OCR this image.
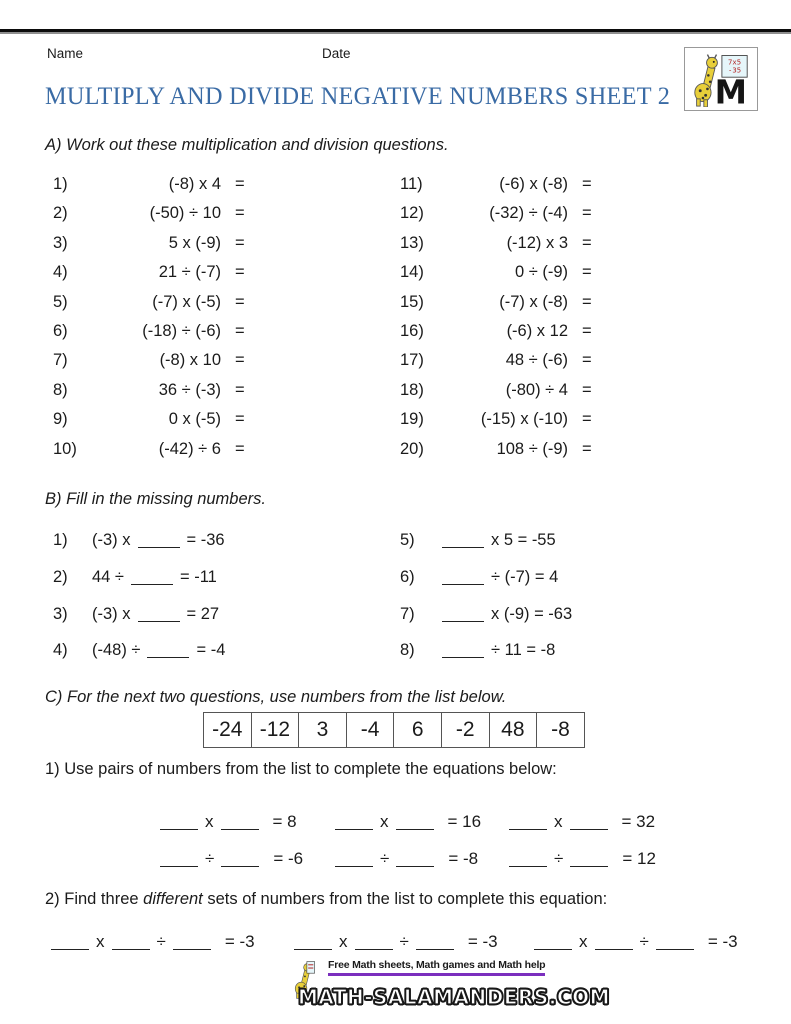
Name	Date
7x5
-35
M
MULTIPLY AND DIVIDE NEGATIVE NUMBERS SHEET 2
A) Work out these multiplication and division questions.
1)	(-8) x 4 =
2)	(-50) ÷ 10 =
3)	5 x (-9) =
4)	21 ÷ (-7) =
5)	(-7) x (-5) =
6)	(-18) ÷ (-6) =
7)	(-8) x 10 =
8)	36 ÷ (-3) =
9)	0 x (-5) =
10)	(-42) ÷ 6 =
11)	(-6) x (-8) =
12)	(-32) ÷ (-4) =
13)	(-12) x 3 =
14)	0 ÷ (-9) =
15)	(-7) x (-8) =
16)	(-6) x 12 =
17)	48 ÷ (-6) =
18)	(-80) ÷ 4 =
19)	(-15) x (-10) =
20)	108 ÷ (-9) =
B) Fill in the missing numbers.
1) (-3) x	= -36
2) 44 ÷	= -11
3) (-3) x	= 27
4) (-48) ÷	= -4
5)	x 5 = -55
6)	÷ (-7) = 4
7)	x (-9) = -63
8)	÷ 11 = -8
C) For the next two questions, use numbers from the list below.
-24 -12	3	-4	6	-2	48	-8
1) Use pairs of numbers from the list to complete the equations below:
x	= 8	x	= 16	x	= 32
÷	= -6	÷	= -8	÷	= 12
2) Find three different sets of numbers from the list to complete this equation:
x	÷	= -3	x	÷	= -3	x	÷	= -3
Free Math sheets, Math games and Math help
MATH-SALAMANDERS.COM
